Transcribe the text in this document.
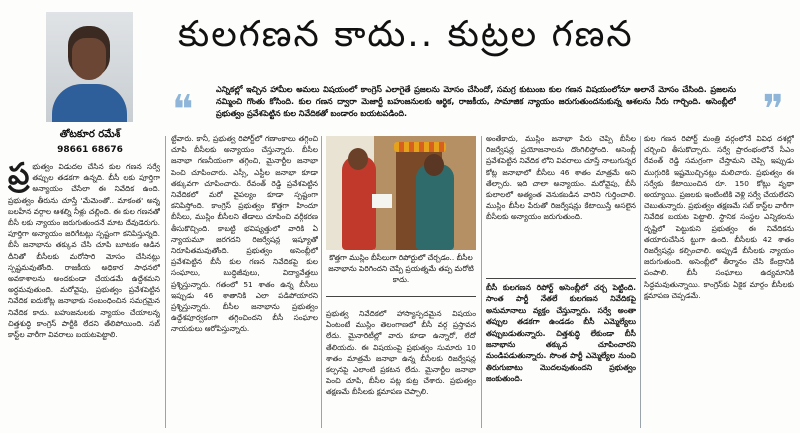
తోటకూర రమేశ్
98661 68676
కులగణన కాదు.. కుట్రల గణన
❝	ఎన్నికల్లో ఇచ్చిన హామీల అమలు విషయంలో కాంగ్రెస్ ఎలాగైతే ప్రజలను మోసం చేసిందో, సమగ్ర కుటుంబ కుల గణన విషయంలోనూ అలానే మోసం చేసింది. ప్రజలను నమ్మించి గొంతు కోసింది. కుల గణన ద్వారా మెజార్టీ బహుజనులకు ఆర్థిక, రాజకీయ, సామాజిక న్యాయం జరుగుతుందనుకున్న ఆశలను నీరు గార్చింది. అసెంబ్లీలో ప్రభుత్వం ప్రవేశపెట్టిన కుల నివేదికతో బండారం బయటపడింది.	❞
ప్ర భుత్వం విడుదల చేసిన కుల గణన సర్వే తప్పుల తడకగా ఉన్నది. బీసీ లకు పూర్తిగా అన్యాయం చేసేలా ఈ నివేదిక ఉంది. ప్రభుత్వం తీరును చూస్తే 'మేమెంతో.. మాకంత' అన్న బలహీన వర్గాల ఆశల్ని నీళ్లు చల్లింది. ఈ కుల గణనతో బీసీ లకు న్యాయం జరుగుతుందనే మాట దేవుడెరుగు. పూర్తిగా అన్యాయం జరిగేటట్లు స్పష్టంగా కనిపిస్తున్నది. బీసీ జనాభాను తక్కువ చేసి చూపి బూటకం ఆడిన దీనితో బీసీలకు మరోసారి మోసం చేసినట్లు స్పష్టమవుతోంది. రాజకీయ అధికార సాధనలో అవకాశాలను అందకుండా చేయడమే ఉద్దేశమని అర్థమవుతుంది. మరోవైపు, ప్రభుత్వం ప్రవేశపెట్టిన నివేదిక ఐదుకోట్ల జనాభాకు సంబంధించిన సమగ్రమైన నివేదిక కాదు. బహుజనులకు న్యాయం చేయాలన్న చిత్తశుద్ధి కాంగ్రెస్ పార్టీకి లేదని తేలిపోయింది. సబ్ కాస్ట్‌ల వారీగా వివరాలు బయటపెట్టాలి.
ట్టేవారు. కానీ, ప్రభుత్వ రిపోర్ట్‌లో గణాంకాలు తగ్గించి చూపి బీసీలకు అన్యాయం చేస్తున్నారు. బీసీల జనాభా గణనీయంగా తగ్గించి, మైనార్టీల జనాభా పెంచి చూపించారు. ఎస్సీ, ఎస్టీల జనాభా కూడా తక్కువగా చూపించారు. రేవంత్ రెడ్డి ప్రవేశపెట్టిన నివేదికలో మరో వైపల్యం కూడా స్పష్టంగా కనిపిస్తోంది. కాంగ్రెస్ ప్రభుత్వం కొత్తగా హిందూ బీసీలు, ముస్లిం బీసీలని తేడాలు చూపించి వర్గీకరణ తీసుకొచ్చింది. కాబట్టి భవిష్యత్తులో వారికి ఏ న్యాయమూ జరగదని రిజర్వేషన్ల ఇష్యూతో నిరూపితమవుతోంది. ప్రభుత్వం అసెంబ్లీలో ప్రవేశపెట్టిన బీసీ కుల గణన నివేదికపై కుల సంఘాలు, బుద్ధిజీవులు, విద్యావేత్తలు ప్రశ్నిస్తున్నారు. గతంలో 51 శాతం ఉన్న బీసీలు ఇప్పుడు 46 శాతానికి ఎలా పడిపోయారని ప్రశ్నిస్తున్నారు. బీసీల జనాభాను ప్రభుత్వం ఉద్దేశపూర్వకంగా తగ్గించిందని బీసీ సంఘాల నాయకులు ఆరోపిస్తున్నారు.
కొత్తగా ముస్లిం బీసీలుగా రిపోర్టులో చేర్చడం.. బీసీల జనాభాను పెరిగిందని చెప్పే ప్రయత్నమే తప్ప మరోటి కాదు.
ప్రభుత్వ నివేదికలో హాస్యాస్పదమైన విషయం ఏంటంటే ముస్లిం తెలంగాణలో బీసీ వర్గ ప్రస్తావన లేదు. మైనారిటీల్లో వారు కూడా ఉన్నారో, లేదో తేలియదు. ఈ విషయంపై ప్రభుత్వం సుమారు 10 శాతం మాత్రమే జనాభా ఉన్న బీసీలకు రిజర్వేషన్ల కల్పనపై ఎలాంటి ప్రకటన లేదు. మైనార్టీల జనాభా పెంచి చూపి, బీసీల పట్ల కుట్ర చేశారు. ప్రభుత్వం తక్షణమే బీసీలకు క్షమాపణ చెప్పాలి.
అంతేకాదు, ముస్లిం జనాభా పేరు చెప్పి బీసీల రిజర్వేషన్ల ప్రయోజనాలను దొంగిలిస్తోంది. అసెంబ్లీ ప్రవేశపెట్టిన నివేదిక లోని వివరాలు చూస్తే నాలుగున్నర కోట్ల జనాభాలో బీసీలు 46 శాతం మాత్రమే అని తేల్చారు. ఇది చాలా అన్యాయం. మరోవైపు, బీసీ కులాలలో అత్యంత వెనుకబడిన వారిని గుర్తించాలి. ముస్లిం బీసీల పేరుతో రిజర్వేషన్లు కేటాయిస్తే అసలైన బీసీలకు అన్యాయం జరుగుతుంది.
బీసీ కులగణన రిపోర్ట్ అసెంబ్లీలో చర్చ పెట్టింది. సాంత పార్టీ నేతలే కులగణన నివేదికపై అనుమానాలు వ్యక్తం చేస్తున్నారు. సర్వే అంతా తప్పుల తడకగా ఉండడం బీసీ ఎమ్మెల్యేలు తప్పుబడుతున్నారు. చిత్తశుద్ధి లేకుండా బీసీ జనాభాను తక్కువ చూపించారని మండిపడుతున్నారు. సొంత పార్టీ ఎమ్మెల్యేల నుంచి తిరుగుబాటు మొదలవుతుందని ప్రభుత్వం జంకుతుంది.
కుల గణన రిపోర్ట్ మంత్రి వర్గంలోనే వివిధ దశల్లో చర్చించి తీసుకొచ్చారు. సర్వే ప్రారంభంలోనే సీఎం రేవంత్ రెడ్డి సమగ్రంగా చేస్తామని చెప్పి ఇప్పుడు ముగ్గురికి ఇష్టమొచ్చినట్లు మలిచారు. ప్రభుత్వం ఈ సర్వేకు కేటాయించిన రూ. 150 కోట్లు వృథా అయ్యాయి. ప్రజలకు ఇంటింటికి వెళ్లి సర్వే చేయలేదని చెబుతున్నారు. ప్రభుత్వం తక్షణమే సబ్ కాస్ట్‌ల వారీగా నివేదిక బయట పెట్టాలి. స్థానిక సంస్థల ఎన్నికలను దృష్టిలో పెట్టుకుని ప్రభుత్వం ఈ నివేదికను తయారుచేసిన ట్టుగా ఉంది. బీసీలకు 42 శాతం రిజర్వేషన్లు కల్పించాలి. అప్పుడే బీసీలకు న్యాయం జరుగుతుంది. అసెంబ్లీలో తీర్మానం చేసి కేంద్రానికి పంపాలి. బీసీ సంఘాలు ఉద్యమానికి సిద్ధమవుతున్నాయి. కాంగ్రెస్‌కు ఏకైక మార్గం బీసీలకు క్షమాపణ చెప్పడమే.
